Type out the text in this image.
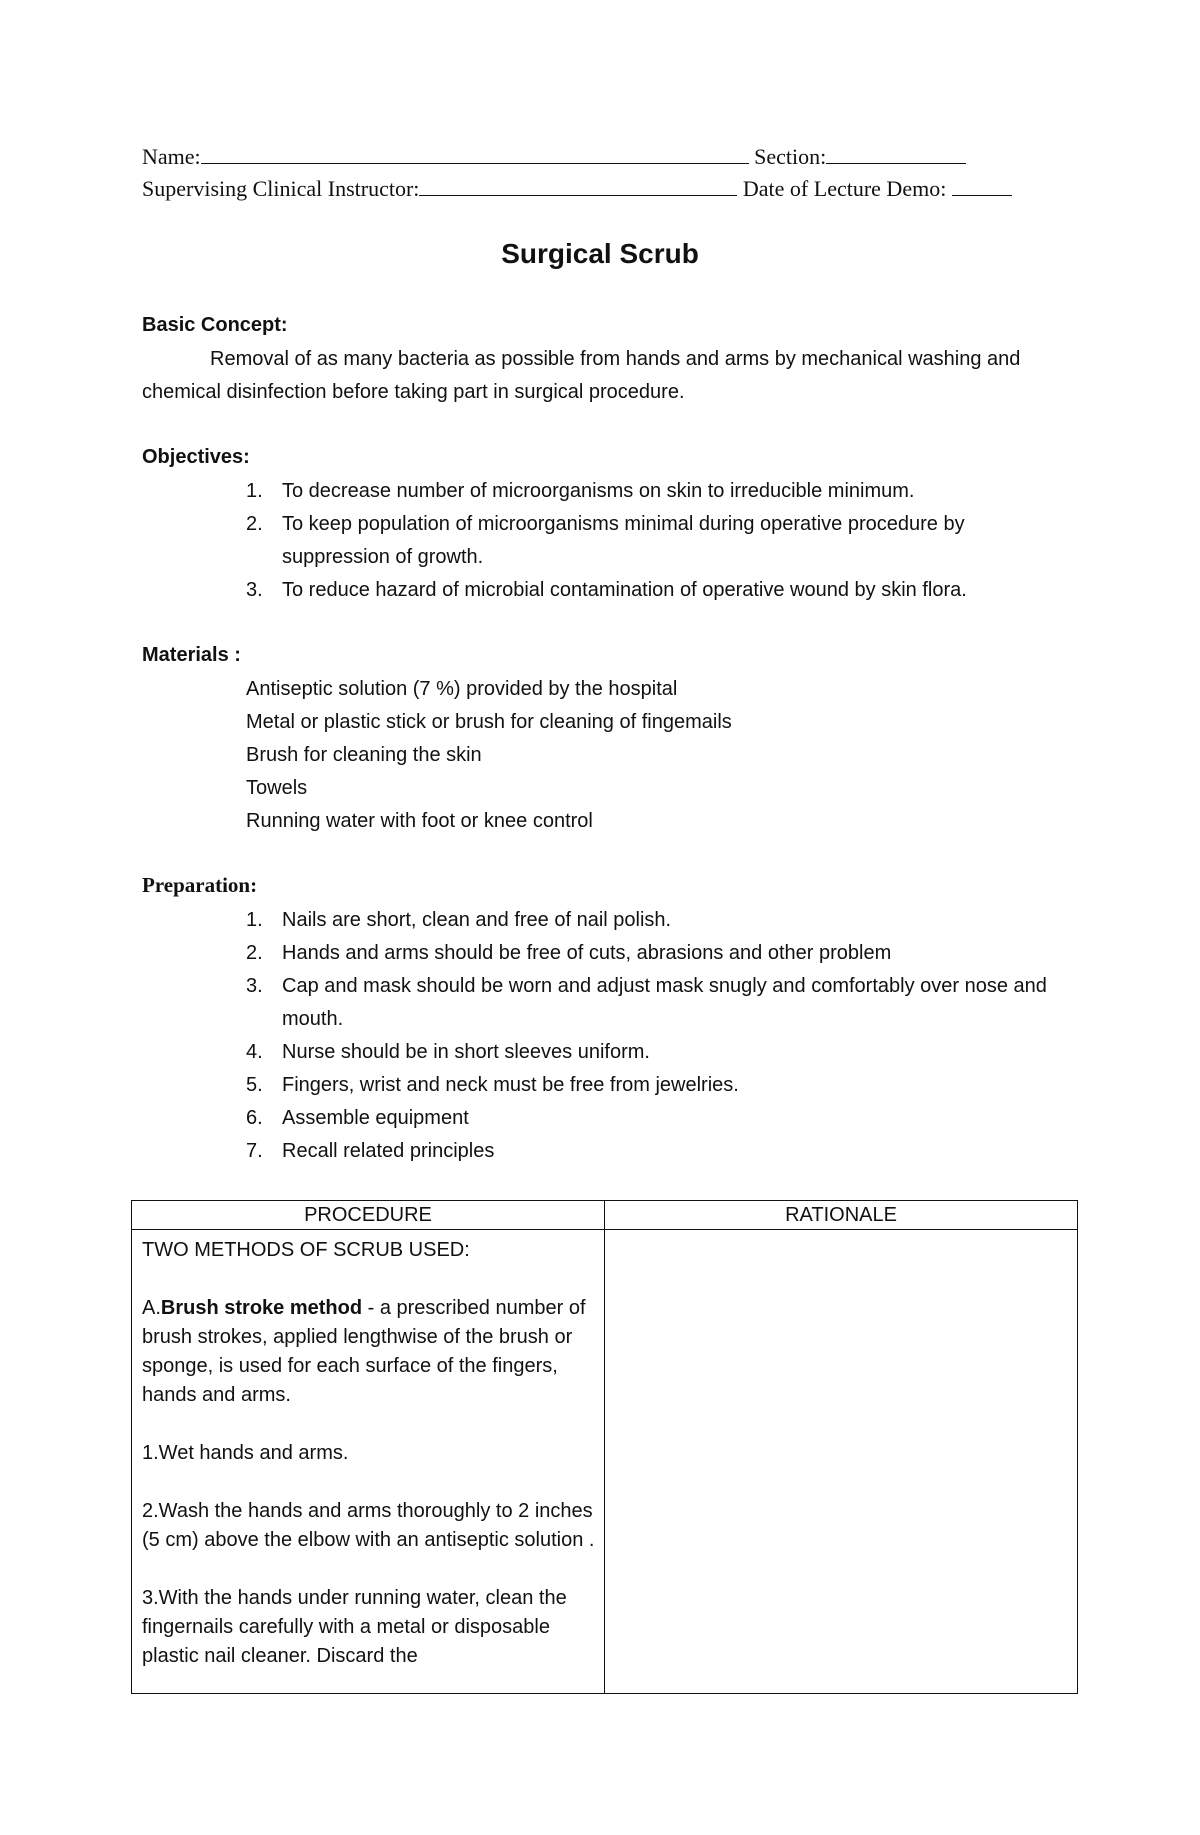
Name:	Section:
Supervising Clinical Instructor:	Date of Lecture Demo:
Surgical Scrub
Basic Concept:
Removal of as many bacteria as possible from hands and arms by mechanical washing and chemical disinfection before taking part in surgical procedure.
Objectives:
1. To decrease number of microorganisms on skin to irreducible minimum.
2. To keep population of microorganisms minimal during operative procedure by suppression of growth.
3. To reduce hazard of microbial contamination of operative wound by skin flora.
Materials :
Antiseptic solution (7 %) provided by the hospital
Metal or plastic stick or brush for cleaning of fingemails
Brush for cleaning the skin
Towels
Running water with foot or knee control
Preparation:
1. Nails are short, clean and free of nail polish.
2. Hands and arms should be free of cuts, abrasions and other problem
3. Cap and mask should be worn and adjust mask snugly and comfortably over nose and mouth.
4. Nurse should be in short sleeves uniform.
5. Fingers, wrist and neck must be free from jewelries.
6. Assemble equipment
7. Recall related principles
PROCEDURE	RATIONALE

TWO METHODS OF SCRUB USED:
A.Brush stroke method - a prescribed number of brush strokes, applied lengthwise of the brush or sponge, is used for each surface of the fingers, hands and arms.
1.Wet hands and arms.
2.Wash the hands and arms thoroughly to 2 inches (5 cm) above the elbow with an antiseptic solution .
3.With the hands under running water, clean the fingernails carefully with a metal or disposable plastic nail cleaner. Discard the	
